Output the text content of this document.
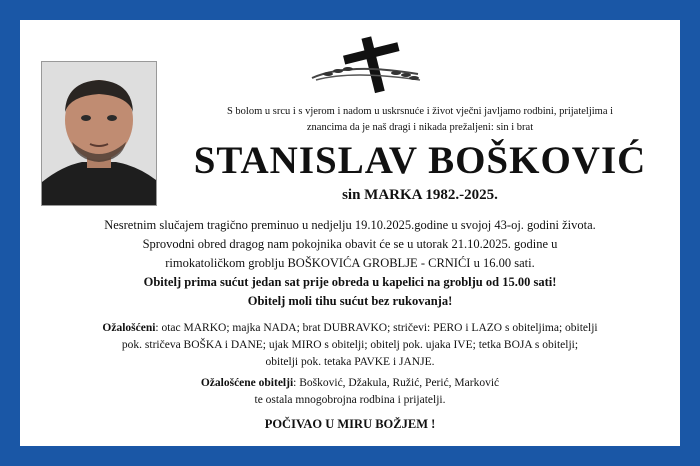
S bolom u srcu i s vjerom i nadom u uskrsnuće i život vječni javljamo rodbini, prijateljima i
znancima da je naš dragi i nikada prežaljeni: sin i brat
STANISLAV BOŠKOVIĆ
sin MARKA 1982.-2025.
Nesretnim slučajem tragično preminuo u nedjelju 19.10.2025.godine u svojoj 43-oj. godini života.
Sprovodni obred dragog nam pokojnika obavit će se u utorak 21.10.2025. godine u
rimokatoličkom groblju BOŠKOVIĆA GROBLJE - CRNIĆI u 16.00 sati.
Obitelj prima sućut jedan sat prije obreda u kapelici na groblju od 15.00 sati!
Obitelj moli tihu sućut bez rukovanja!
Ožalošćeni: otac MARKO; majka NADA; brat DUBRAVKO; stričevi: PERO i LAZO s obiteljima; obitelji
pok. stričeva BOŠKA i DANE; ujak MIRO s obitelji; obitelj pok. ujaka IVE; tetka BOJA s obitelji;
obitelji pok. tetaka PAVKE i JANJE.
Ožalošćene obitelji: Bošković, Džakula, Ružić, Perić, Marković
te ostala mnogobrojna rodbina i prijatelji.
POČIVAO U MIRU BOŽJEM !
